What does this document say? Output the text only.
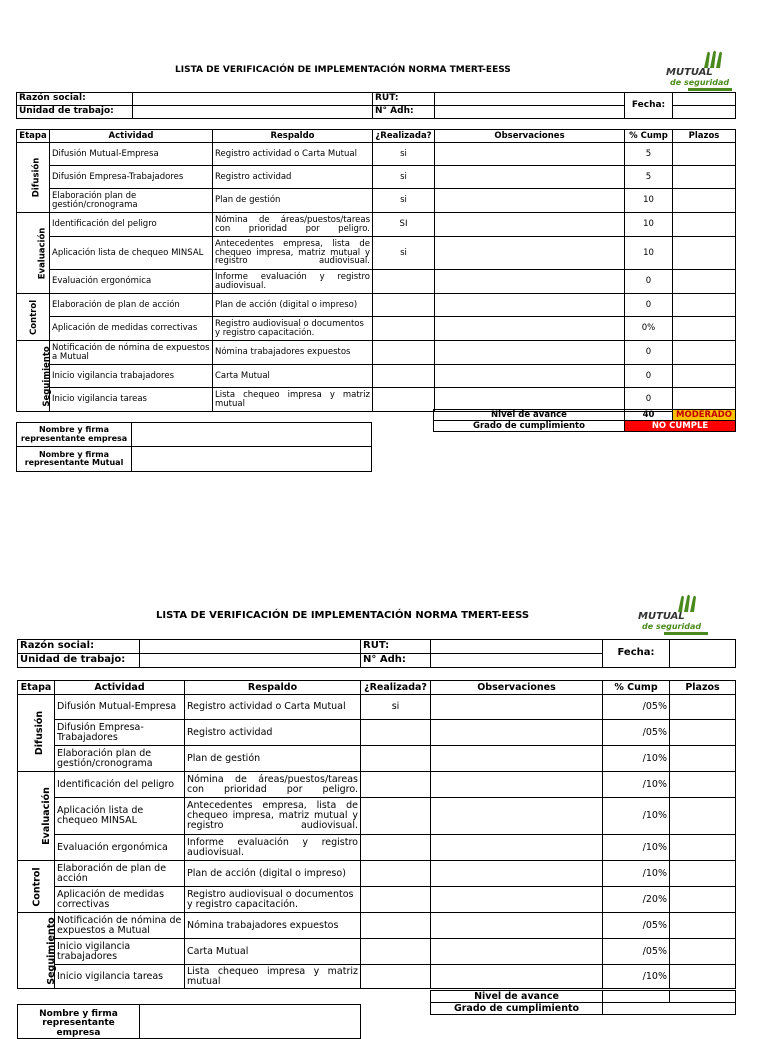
LISTA DE VERIFICACIÓN DE IMPLEMENTACIÓN NORMA TMERT-EESS	MUTUAL
de seguridad
Razón social:		RUT:		Fecha:	
Unidad de trabajo:		N° Adh:			
Etapa	Actividad	Respaldo	¿Realizada?	Observaciones	% Cump	Plazos
Difusión	Difusión Mutual-Empresa	Registro actividad o Carta Mutual	si		5	
	Difusión Empresa-Trabajadores	Registro actividad	si		5	
	Elaboración plan de gestión/cronograma	Plan de gestión	si		10	
Evaluación	Identificación del peligro	Nómina de áreas/puestos/tareas con prioridad por peligro.	SI		10	
	Aplicación lista de chequeo MINSAL	Antecedentes empresa, lista de chequeo impresa, matriz mutual y registro audiovisual.	si		10	
	Evaluación ergonómica	Informe evaluación y registro audiovisual.			0	
Control	Elaboración de plan de acción	Plan de acción (digital o impreso)			0	
	Aplicación de medidas correctivas	Registro audiovisual o documentos y registro capacitación.			0%	
Seguimiento	Notificación de nómina de expuestos a Mutual	Nómina trabajadores expuestos			0	
	Inicio vigilancia trabajadores	Carta Mutual			0	
	Inicio vigilancia tareas	Lista chequeo impresa y matriz mutual			0	
Nivel de avance	40	MODERADO
Grado de cumplimiento	NO CUMPLE	
Nombre y firma representante empresa	
Nombre y firma representante Mutual	
LISTA DE VERIFICACIÓN DE IMPLEMENTACIÓN NORMA TMERT-EESS	MUTUAL
de seguridad
Razón social:		RUT:		Fecha:	
Unidad de trabajo:		N° Adh:			
Etapa	Actividad	Respaldo	¿Realizada?	Observaciones	% Cump	Plazos
Difusión	Difusión Mutual-Empresa	Registro actividad o Carta Mutual	si		/05%	
	Difusión Empresa-Trabajadores	Registro actividad			/05%	
	Elaboración plan de gestión/cronograma	Plan de gestión			/10%	
Evaluación	Identificación del peligro	Nómina de áreas/puestos/tareas con prioridad por peligro.			/10%	
	Aplicación lista de chequeo MINSAL	Antecedentes empresa, lista de chequeo impresa, matriz mutual y registro audiovisual.			/10%	
	Evaluación ergonómica	Informe evaluación y registro audiovisual.			/10%	
Control	Elaboración de plan de acción	Plan de acción (digital o impreso)			/10%	
	Aplicación de medidas correctivas	Registro audiovisual o documentos y registro capacitación.			/20%	
Seguimiento	Notificación de nómina de expuestos a Mutual	Nómina trabajadores expuestos			/05%	
	Inicio vigilancia trabajadores	Carta Mutual			/05%	
	Inicio vigilancia tareas	Lista chequeo impresa y matriz mutual			/10%	
Nivel de avance		
Grado de cumplimiento		
Nombre y firma representante empresa	
